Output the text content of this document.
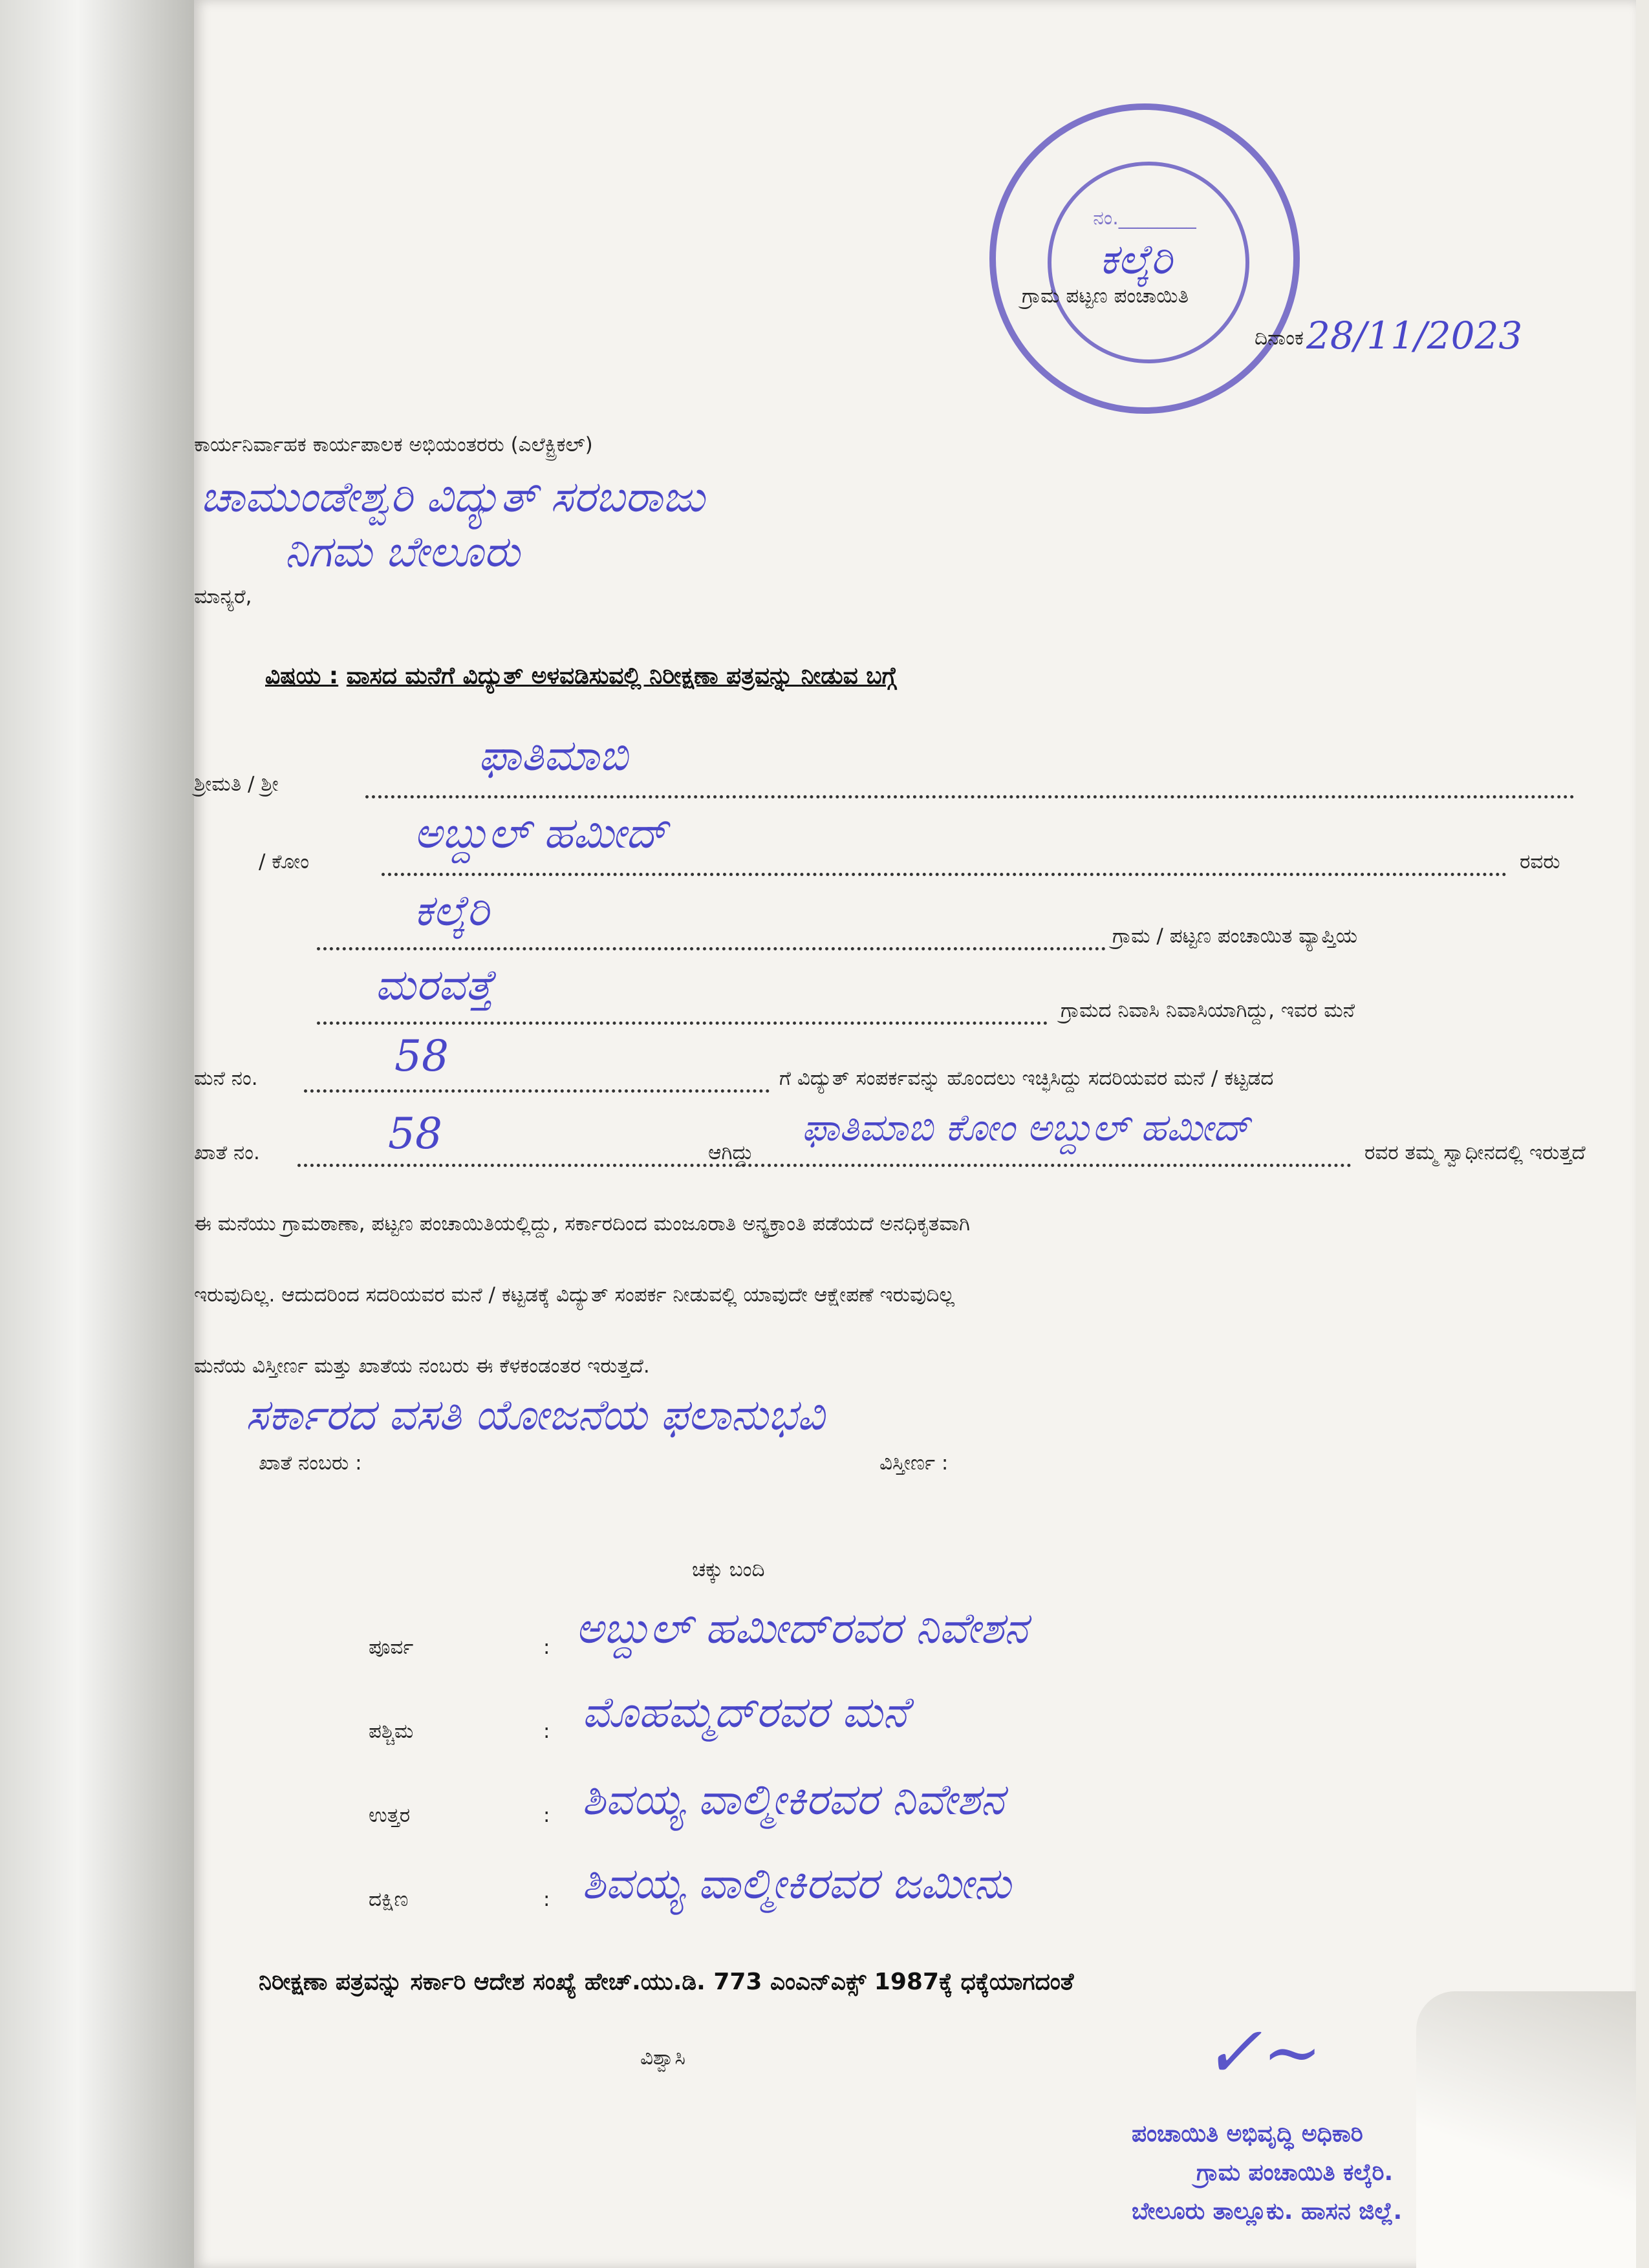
ನಂ.________
ಕಲ್ಕೆರಿ
ಗ್ರಾಮ ಪಟ್ಟಣ ಪಂಚಾಯಿತಿ
ದಿನಾಂಕ 28/11/2023
ಕಾರ್ಯನಿರ್ವಾಹಕ ಕಾರ್ಯಪಾಲಕ ಅಭಿಯಂತರರು (ಎಲೆಕ್ಟ್ರಿಕಲ್)
ಚಾಮುಂಡೇಶ್ವರಿ ವಿದ್ಯುತ್ ಸರಬರಾಜು
ನಿಗಮ ಬೇಲೂರು
ಮಾನ್ಯರೆ,
ವಿಷಯ : ವಾಸದ ಮನೆಗೆ ವಿದ್ಯುತ್ ಅಳವಡಿಸುವಲ್ಲಿ ನಿರೀಕ್ಷಣಾ ಪತ್ರವನ್ನು ನೀಡುವ ಬಗ್ಗೆ
ಶ್ರೀಮತಿ / ಶ್ರೀ
ಫಾತಿಮಾಬಿ
/ ಕೋಂ
ಅಬ್ದುಲ್ ಹಮೀದ್
ರವರು
ಕಲ್ಕೆರಿ
ಗ್ರಾಮ / ಪಟ್ಟಣ ಪಂಚಾಯಿತ ವ್ಯಾಪ್ತಿಯ
ಮರವತ್ತೆ
ಗ್ರಾಮದ ನಿವಾಸಿ ನಿವಾಸಿಯಾಗಿದ್ದು, ಇವರ ಮನೆ
ಮನೆ ನಂ.	58	ಗೆ ವಿದ್ಯುತ್ ಸಂಪರ್ಕವನ್ನು ಹೊಂದಲು ಇಚ್ಛಿಸಿದ್ದು ಸದರಿಯವರ ಮನೆ / ಕಟ್ಟಡದ
ಖಾತೆ ನಂ.	58	ಆಗಿದ್ದು
ಫಾತಿಮಾಬಿ ಕೋಂ ಅಬ್ದುಲ್ ಹಮೀದ್
ರವರ ತಮ್ಮ ಸ್ವಾಧೀನದಲ್ಲಿ ಇರುತ್ತದೆ
ಈ ಮನೆಯು ಗ್ರಾಮಠಾಣಾ, ಪಟ್ಟಣ ಪಂಚಾಯಿತಿಯಲ್ಲಿದ್ದು, ಸರ್ಕಾರದಿಂದ ಮಂಜೂರಾತಿ ಅನ್ಯಕ್ರಾಂತಿ ಪಡೆಯದೆ ಅನಧಿಕೃತವಾಗಿ
ಇರುವುದಿಲ್ಲ. ಆದುದರಿಂದ ಸದರಿಯವರ ಮನೆ / ಕಟ್ಟಡಕ್ಕೆ ವಿದ್ಯುತ್ ಸಂಪರ್ಕ ನೀಡುವಲ್ಲಿ ಯಾವುದೇ ಆಕ್ಷೇಪಣೆ ಇರುವುದಿಲ್ಲ
ಮನೆಯ ವಿಸ್ತೀರ್ಣ ಮತ್ತು ಖಾತೆಯ ನಂಬರು ಈ ಕೆಳಕಂಡಂತರ ಇರುತ್ತದೆ.
ಸರ್ಕಾರದ ವಸತಿ ಯೋಜನೆಯ ಫಲಾನುಭವಿ
ಖಾತೆ ನಂಬರು :	ವಿಸ್ತೀರ್ಣ :
ಚಕ್ಕು ಬಂದಿ
ಪೂರ್ವ	: ಅಬ್ದುಲ್ ಹಮೀದ್‌ರವರ ನಿವೇಶನ
ಪಶ್ಚಿಮ	: ಮೊಹಮ್ಮದ್‌ರವರ ಮನೆ
ಉತ್ತರ	: ಶಿವಯ್ಯ ವಾಲ್ಮೀಕಿರವರ ನಿವೇಶನ
ದಕ್ಷಿಣ	: ಶಿವಯ್ಯ ವಾಲ್ಮೀಕಿರವರ ಜಮೀನು
ನಿರೀಕ್ಷಣಾ ಪತ್ರವನ್ನು ಸರ್ಕಾರಿ ಆದೇಶ ಸಂಖ್ಯೆ ಹೇಚ್.ಯು.ಡಿ. 773 ಎಂಎನ್‌ಎಕ್ಸ್ 1987ಕ್ಕೆ ಧಕ್ಕೆಯಾಗದಂತೆ
ವಿಶ್ವಾಸಿ	✓~
ಪಂಚಾಯಿತಿ ಅಭಿವೃದ್ಧಿ ಅಧಿಕಾರಿ
ಗ್ರಾಮ ಪಂಚಾಯಿತಿ ಕಲ್ಕೆರಿ.
ಬೇಲೂರು ತಾಲ್ಲೂಕು. ಹಾಸನ ಜಿಲ್ಲೆ.
